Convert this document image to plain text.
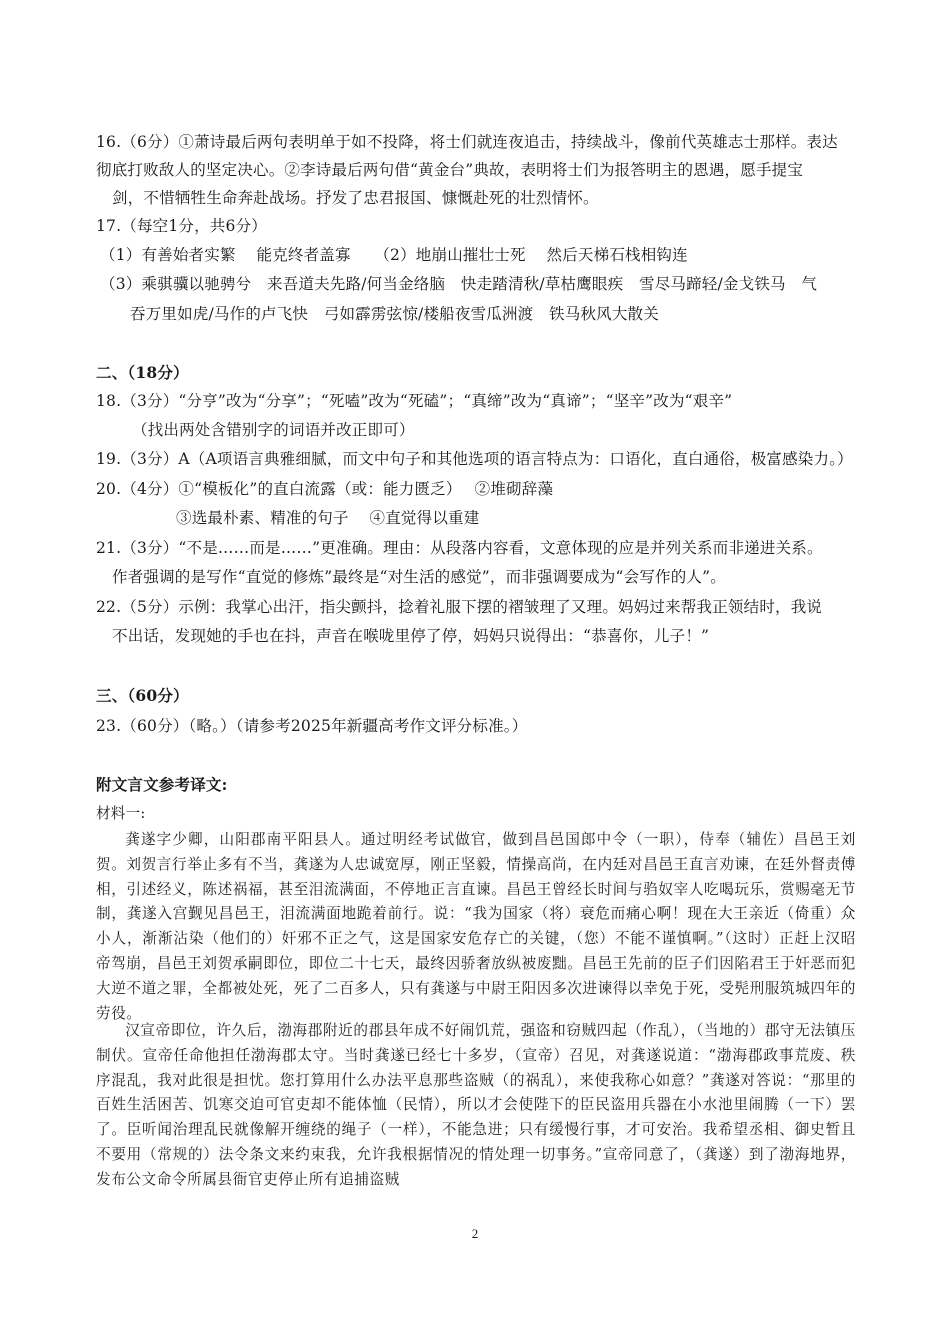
16.（6分）①萧诗最后两句表明单于如不投降，将士们就连夜追击，持续战斗，像前代英雄志士那样。表达
彻底打败敌人的坚定决心。②李诗最后两句借“黄金台”典故，表明将士们为报答明主的恩遇，愿手提宝
剑，不惜牺牲生命奔赴战场。抒发了忠君报国、慷慨赴死的壮烈情怀。
17.（每空1分，共6分）
（1）有善始者实繁　 能克终者盖寡　　（2）地崩山摧壮士死　 然后天梯石栈相钩连
（3）乘骐骥以驰骋兮　来吾道夫先路/何当金络脑　快走踏清秋/草枯鹰眼疾　雪尽马蹄轻/金戈铁马　气
吞万里如虎/马作的卢飞快　弓如霹雳弦惊/楼船夜雪瓜洲渡　铁马秋风大散关
二、（18分）
18.（3分）“分亨”改为“分享”；“死嗑”改为“死磕”；“真缔”改为“真谛”；“坚辛”改为“艰辛”
（找出两处含错别字的词语并改正即可）
19.（3分）A（A项语言典雅细腻，而文中句子和其他选项的语言特点为：口语化，直白通俗，极富感染力。）
20.（4分）①“模板化”的直白流露（或：能力匮乏）　 ②堆砌辞藻
③选最朴素、精准的句子　 ④直觉得以重建
21.（3分）“不是……而是……”更准确。理由：从段落内容看，文意体现的应是并列关系而非递进关系。
作者强调的是写作“直觉的修炼”最终是“对生活的感觉”，而非强调要成为“会写作的人”。
22.（5分）示例：我掌心出汗，指尖颤抖，捻着礼服下摆的褶皱理了又理。妈妈过来帮我正领结时，我说
不出话，发现她的手也在抖，声音在喉咙里停了停，妈妈只说得出：“恭喜你，儿子！”
三、（60分）
23.（60分）（略。）（请参考2025年新疆高考作文评分标准。）
附文言文参考译文:
材料一:
龚遂字少卿，山阳郡南平阳县人。通过明经考试做官，做到昌邑国郎中令（一职），侍奉（辅佐）昌邑王刘贺。刘贺言行举止多有不当，龚遂为人忠诚宽厚，刚正坚毅，情操高尚，在内廷对昌邑王直言劝谏，在廷外督责傅相，引述经义，陈述祸福，甚至泪流满面，不停地正言直谏。昌邑王曾经长时间与驺奴宰人吃喝玩乐，赏赐毫无节制，龚遂入宫觐见昌邑王，泪流满面地跪着前行。说：“我为国家（将）衰危而痛心啊！现在大王亲近（倚重）众小人，渐渐沾染（他们的）奸邪不正之气，这是国家安危存亡的关键，（您）不能不谨慎啊。”（这时）正赶上汉昭帝驾崩，昌邑王刘贺承嗣即位，即位二十七天，最终因骄奢放纵被废黜。昌邑王先前的臣子们因陷君王于奸恶而犯大逆不道之罪，全都被处死，死了二百多人，只有龚遂与中尉王阳因多次进谏得以幸免于死，受髡刑服筑城四年的劳役。
汉宣帝即位，许久后，渤海郡附近的郡县年成不好闹饥荒，强盗和窃贼四起（作乱），（当地的）郡守无法镇压制伏。宣帝任命他担任渤海郡太守。当时龚遂已经七十多岁，（宣帝）召见，对龚遂说道：“渤海郡政事荒废、秩序混乱，我对此很是担忧。您打算用什么办法平息那些盗贼（的祸乱），来使我称心如意？”龚遂对答说：“那里的百姓生活困苦、饥寒交迫可官吏却不能体恤（民情），所以才会使陛下的臣民盗用兵器在小水池里闹腾（一下）罢了。臣听闻治理乱民就像解开缠绕的绳子（一样），不能急进；只有缓慢行事，才可安治。我希望丞相、御史暂且不要用（常规的）法令条文来约束我，允许我根据情况的情处理一切事务。”宣帝同意了，（龚遂）到了渤海地界，发布公文命令所属县衙官吏停止所有追捕盗贼
2
